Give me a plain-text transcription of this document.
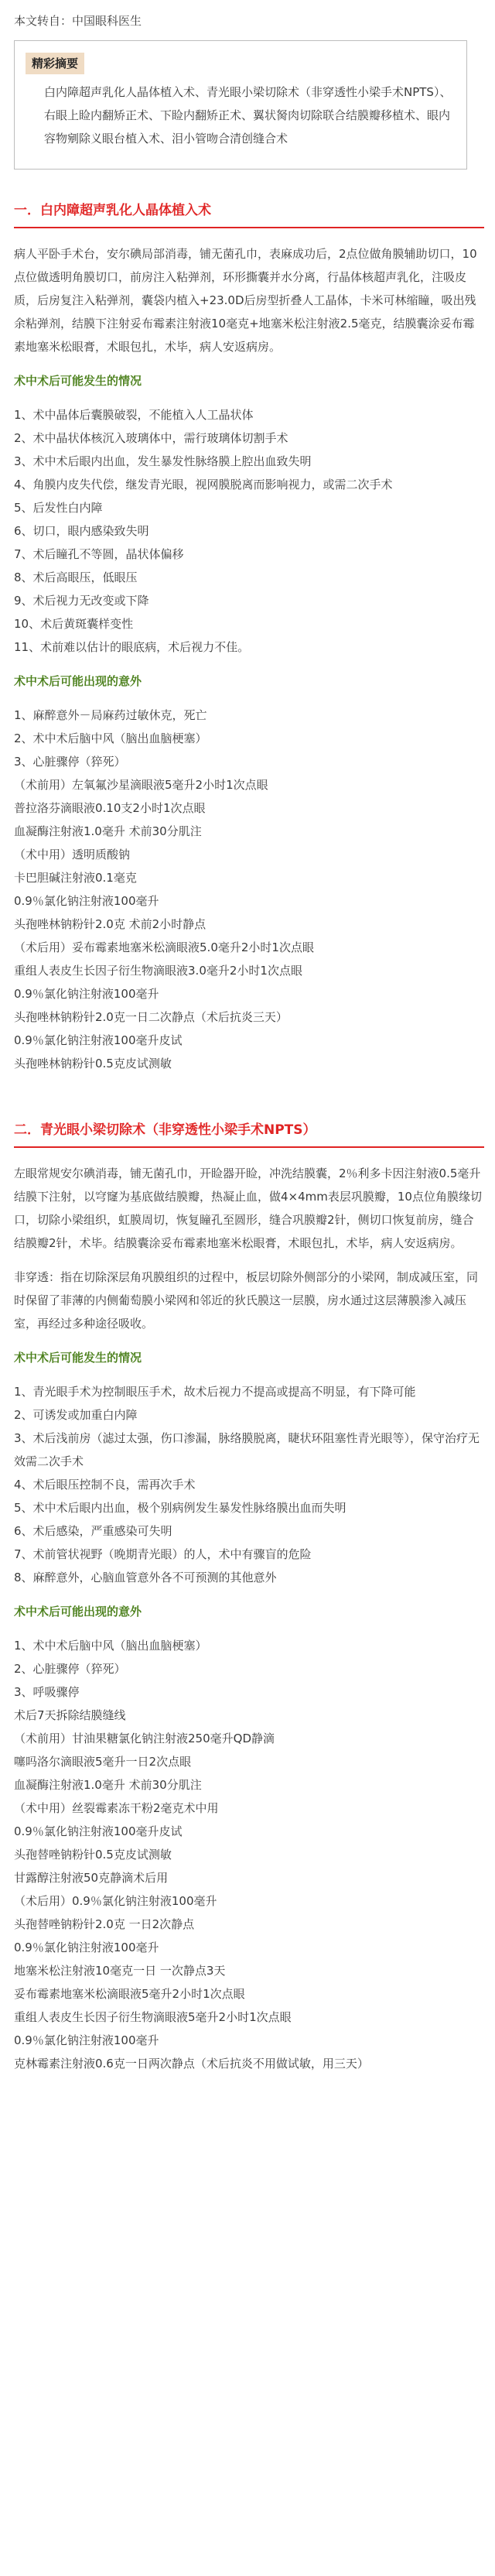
本文转自：中国眼科医生

精彩摘要

白内障超声乳化人晶体植入术、青光眼小梁切除术（非穿透性小梁手术NPTS）、右眼上睑内翻矫正术、下睑内翻矫正术、翼状胬肉切除联合结膜瓣移植术、眼内容物剜除义眼台植入术、泪小管吻合清创缝合术

一．白内障超声乳化人晶体植入术

病人平卧手术台，安尔碘局部消毒，铺无菌孔巾，表麻成功后，2点位做角膜辅助切口，10点位做透明角膜切口，前房注入粘弹剂，环形撕囊并水分离，行晶体核超声乳化，注吸皮质，后房复注入粘弹剂，囊袋内植入+23.0D后房型折叠人工晶体，卡米可林缩瞳，吸出残余粘弹剂，结膜下注射妥布霉素注射液10毫克+地塞米松注射液2.5毫克，结膜囊涂妥布霉素地塞米松眼膏，术眼包扎，术毕，病人安返病房。

术中术后可能发生的情况

1、术中晶体后囊膜破裂，不能植入人工晶状体

2、术中晶状体核沉入玻璃体中，需行玻璃体切割手术

3、术中术后眼内出血，发生暴发性脉络膜上腔出血致失明

4、角膜内皮失代偿，继发青光眼，视网膜脱离而影响视力，或需二次手术

5、后发性白内障

6、切口，眼内感染致失明

7、术后瞳孔不等圆，晶状体偏移

8、术后高眼压，低眼压

9、术后视力无改变或下降

10、术后黄斑囊样变性

11、术前难以估计的眼底病，术后视力不佳。

术中术后可能出现的意外

1、麻醉意外－局麻药过敏休克，死亡

2、术中术后脑中风（脑出血脑梗塞）

3、心脏骤停（猝死）

（术前用）左氧氟沙星滴眼液5毫升2小时1次点眼

普拉洛芬滴眼液0.10支2小时1次点眼

血凝酶注射液1.0毫升 术前30分肌注

（术中用）透明质酸钠

卡巴胆碱注射液0.1毫克

0.9％氯化钠注射液100毫升

头孢唑林钠粉针2.0克 术前2小时静点

（术后用）妥布霉素地塞米松滴眼液5.0毫升2小时1次点眼

重组人表皮生长因子衍生物滴眼液3.0毫升2小时1次点眼

0.9％氯化钠注射液100毫升

头孢唑林钠粉针2.0克一日二次静点（术后抗炎三天）

0.9％氯化钠注射液100毫升皮试

头孢唑林钠粉针0.5克皮试测敏

二．青光眼小梁切除术（非穿透性小梁手术NPTS）

左眼常规安尔碘消毒，铺无菌孔巾，开睑器开睑，冲洗结膜囊，2％利多卡因注射液0.5毫升结膜下注射，以穹窿为基底做结膜瓣，热凝止血，做4×4mm表层巩膜瓣，10点位角膜缘切口，切除小梁组织，虹膜周切，恢复瞳孔至圆形，缝合巩膜瓣2针，侧切口恢复前房，缝合结膜瓣2针，术毕。结膜囊涂妥布霉素地塞米松眼膏，术眼包扎，术毕，病人安返病房。

非穿透：指在切除深层角巩膜组织的过程中，板层切除外侧部分的小梁网，制成减压室，同时保留了菲薄的内侧葡萄膜小梁网和邻近的狄氏膜这一层膜，房水通过这层薄膜渗入减压室，再经过多种途径吸收。

术中术后可能发生的情况

1、青光眼手术为控制眼压手术，故术后视力不提高或提高不明显，有下降可能

2、可诱发或加重白内障

3、术后浅前房（滤过太强，伤口渗漏，脉络膜脱离，睫状环阻塞性青光眼等），保守治疗无效需二次手术

4、术后眼压控制不良，需再次手术

5、术中术后眼内出血，极个别病例发生暴发性脉络膜出血而失明

6、术后感染，严重感染可失明

7、术前管状视野（晚期青光眼）的人，术中有骤盲的危险

8、麻醉意外，心脑血管意外各不可预测的其他意外

术中术后可能出现的意外

1、术中术后脑中风（脑出血脑梗塞）

2、心脏骤停（猝死）

3、呼吸骤停

术后7天拆除结膜缝线

（术前用）甘油果糖氯化钠注射液250毫升QD静滴

噻吗洛尔滴眼液5毫升一日2次点眼

血凝酶注射液1.0毫升 术前30分肌注

（术中用）丝裂霉素冻干粉2毫克术中用

0.9％氯化钠注射液100毫升皮试

头孢替唑钠粉针0.5克皮试测敏

甘露醇注射液50克静滴术后用

（术后用）0.9％氯化钠注射液100毫升

头孢替唑钠粉针2.0克 一日2次静点

0.9％氯化钠注射液100毫升

地塞米松注射液10毫克一日 一次静点3天

妥布霉素地塞米松滴眼液5毫升2小时1次点眼

重组人表皮生长因子衍生物滴眼液5毫升2小时1次点眼

0.9％氯化钠注射液100毫升

克林霉素注射液0.6克一日两次静点（术后抗炎不用做试敏，用三天）
